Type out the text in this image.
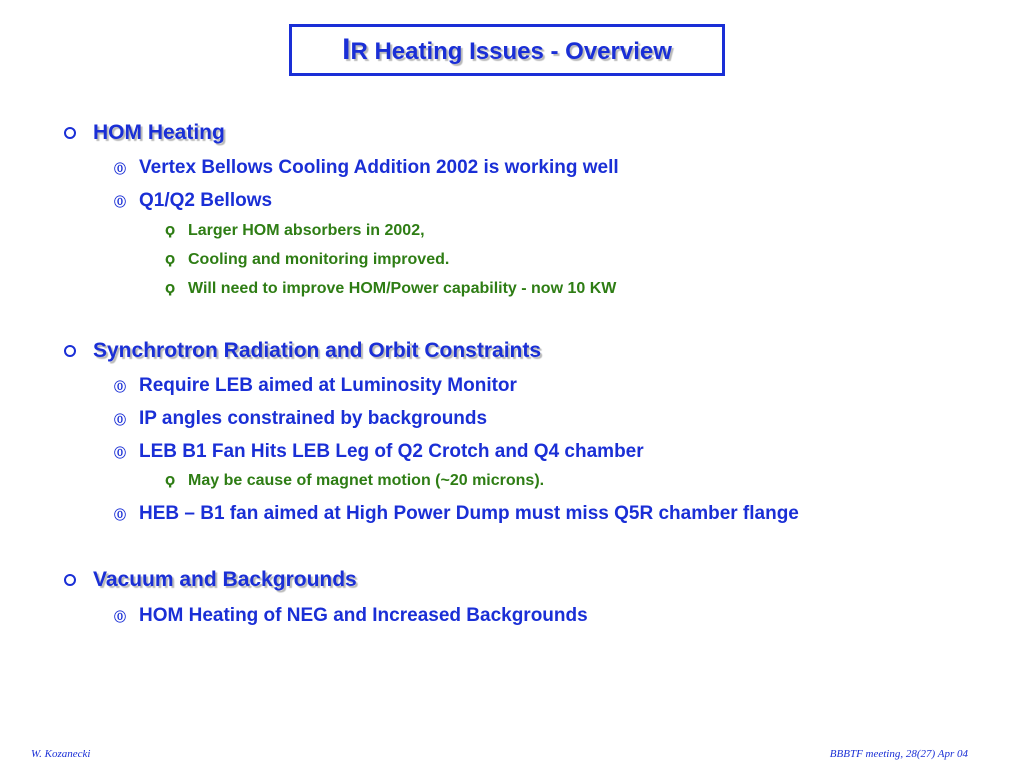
IR Heating Issues - Overview
HOM Heating
⓪ Vertex Bellows Cooling Addition 2002 is working well
⓪ Q1/Q2 Bellows
Ϙ Larger HOM absorbers in 2002,
Ϙ Cooling and monitoring improved.
Ϙ Will need to improve HOM/Power capability - now 10 KW
Synchrotron Radiation and Orbit Constraints
⓪ Require LEB aimed at Luminosity Monitor
⓪ IP angles constrained by backgrounds
⓪ LEB B1 Fan Hits LEB Leg of Q2 Crotch and Q4 chamber
Ϙ May be cause of magnet motion (~20 microns).
⓪ HEB – B1 fan aimed at High Power Dump must miss Q5R chamber flange
Vacuum and Backgrounds
⓪ HOM Heating of NEG and Increased Backgrounds
W. Kozanecki	BBBTF meeting, 28(27) Apr 04
